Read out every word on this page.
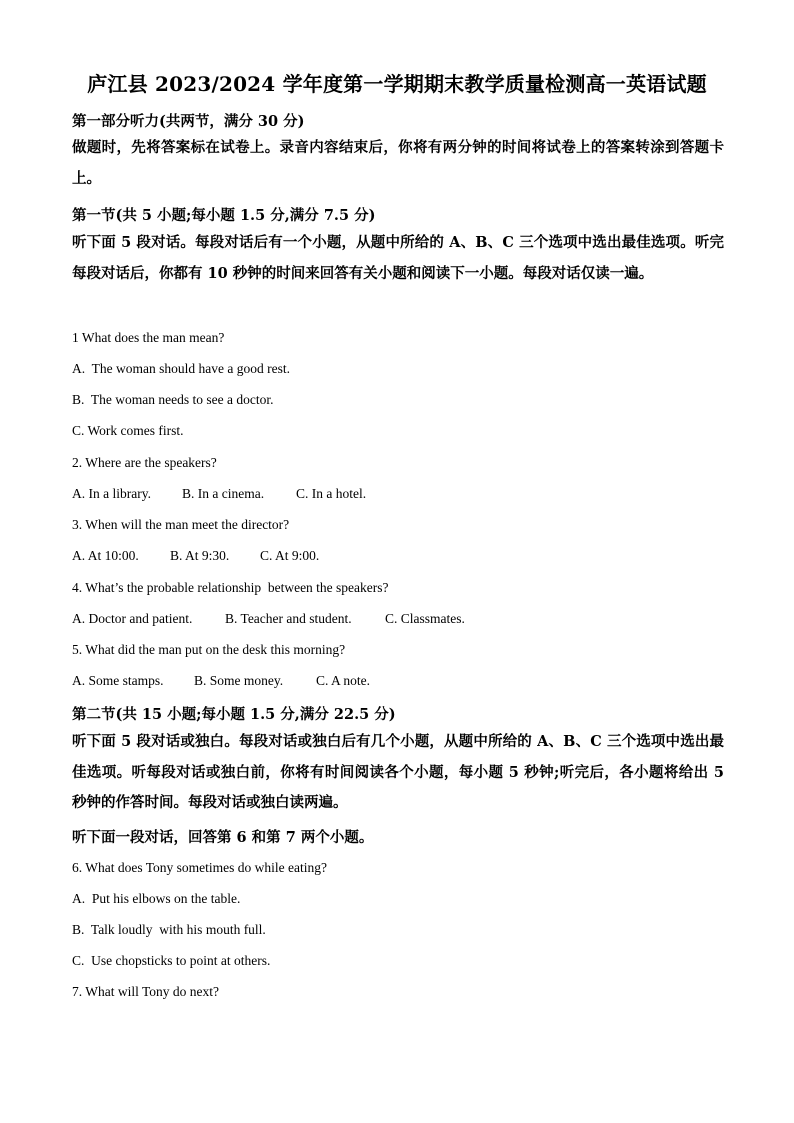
庐江县 2023/2024 学年度第一学期期末教学质量检测高一英语试题
第一部分听力(共两节，满分 30 分)
做题时，先将答案标在试卷上。录音内容结束后，你将有两分钟的时间将试卷上的答案转涂到答题卡上。
第一节(共 5 小题;每小题 1.5 分,满分 7.5 分)
听下面 5 段对话。每段对话后有一个小题，从题中所给的 A、B、C 三个选项中选出最佳选项。听完每段对话后，你都有 10 秒钟的时间来回答有关小题和阅读下一小题。每段对话仅读一遍。
1 What does the man mean?
A.  The woman should have a good rest.
B.  The woman needs to see a doctor.
C. Work comes first.
2. Where are the speakers?
A. In a library. B. In a cinema. C. In a hotel.
3. When will the man meet the director?
A. At 10:00. B. At 9:30. C. At 9:00.
4. What’s the probable relationship  between the speakers?
A. Doctor and patient. B. Teacher and student. C. Classmates.
5. What did the man put on the desk this morning?
A. Some stamps. B. Some money. C. A note.
第二节(共 15 小题;每小题 1.5 分,满分 22.5 分)
听下面 5 段对话或独白。每段对话或独白后有几个小题，从题中所给的 A、B、C 三个选项中选出最佳选项。听每段对话或独白前，你将有时间阅读各个小题，每小题 5 秒钟;听完后，各小题将给出 5 秒钟的作答时间。每段对话或独白读两遍。
听下面一段对话，回答第 6 和第 7 两个小题。
6. What does Tony sometimes do while eating?
A.  Put his elbows on the table.
B.  Talk loudly  with his mouth full.
C.  Use chopsticks to point at others.
7. What will Tony do next?
